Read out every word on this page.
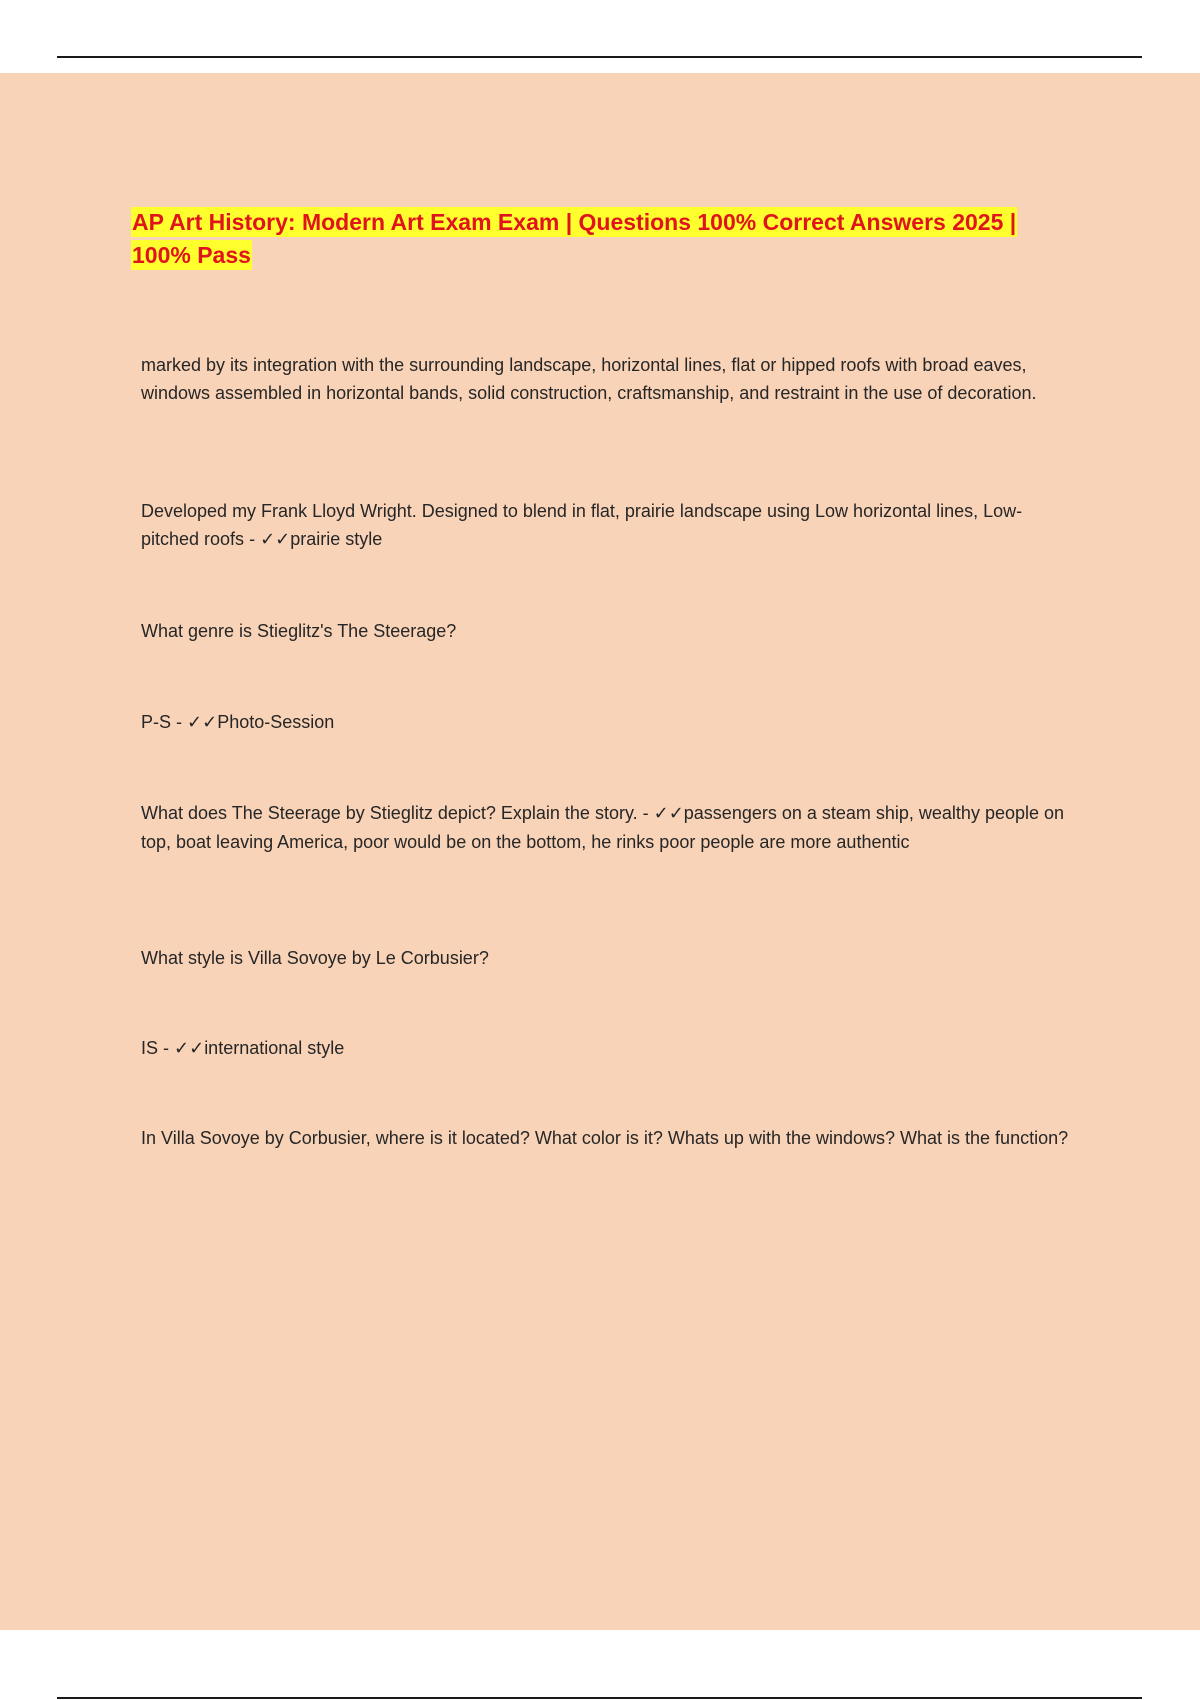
AP Art History: Modern Art Exam Exam | Questions 100% Correct Answers 2025 | 100% Pass

marked by its integration with the surrounding landscape, horizontal lines, flat or hipped roofs with broad eaves, windows assembled in horizontal bands, solid construction, craftsmanship, and restraint in the use of decoration.

Developed my Frank Lloyd Wright. Designed to blend in flat, prairie landscape using Low horizontal lines, Low-pitched roofs - ✓✓prairie style

What genre is Stieglitz's The Steerage?

P-S - ✓✓Photo-Session

What does The Steerage by Stieglitz depict? Explain the story. - ✓✓passengers on a steam ship, wealthy people on top, boat leaving America, poor would be on the bottom, he rinks poor people are more authentic

What style is Villa Sovoye by Le Corbusier?

IS - ✓✓international style

In Villa Sovoye by Corbusier, where is it located? What color is it? Whats up with the windows? What is the function?
